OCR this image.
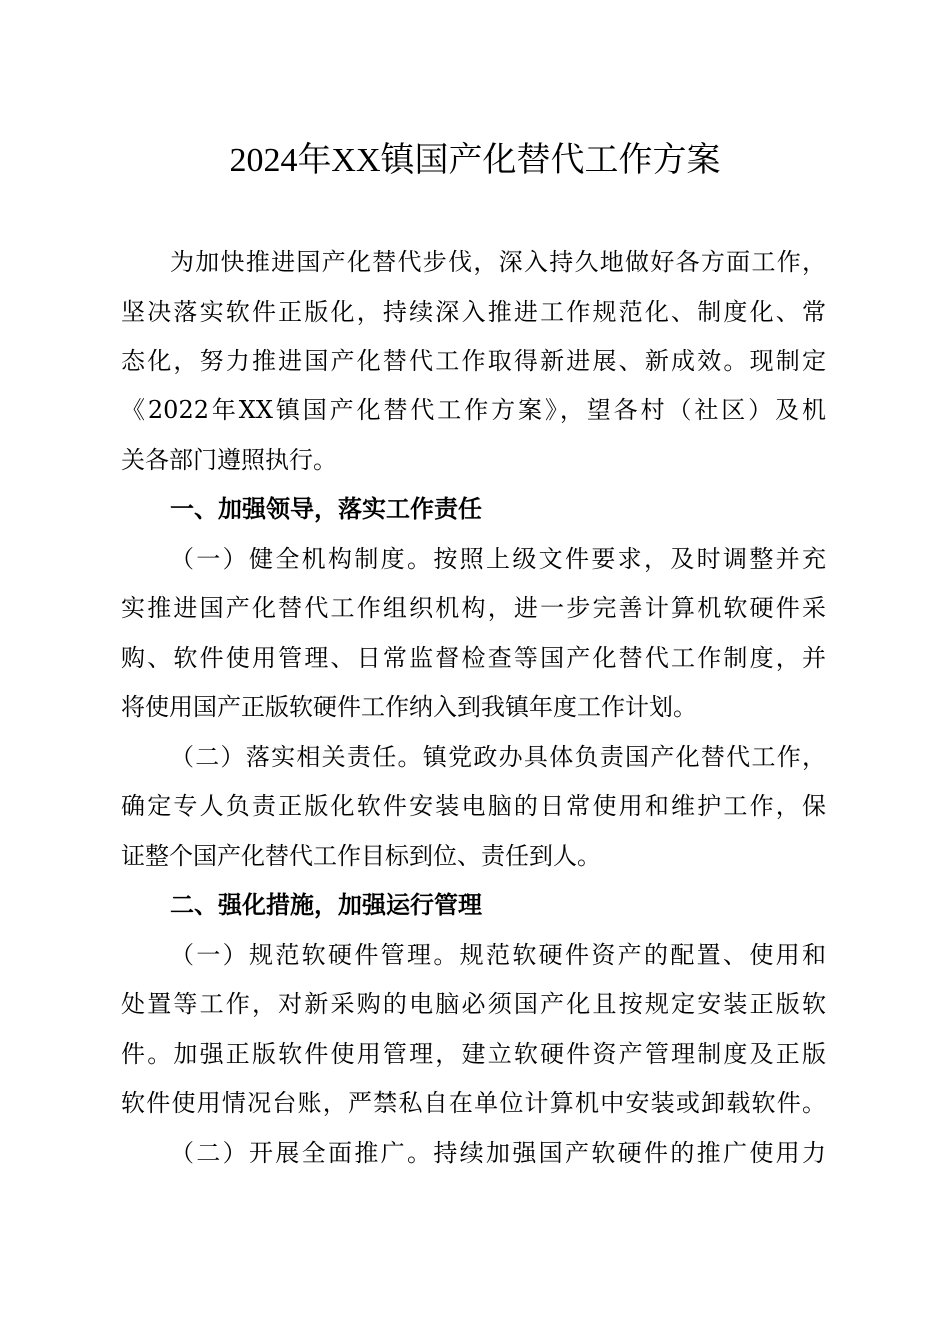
2024年XX镇国产化替代工作方案
为加快推进国产化替代步伐，深入持久地做好各方面工作，
坚决落实软件正版化，持续深入推进工作规范化、制度化、常
态化，努力推进国产化替代工作取得新进展、新成效。现制定
《2022年XX镇国产化替代工作方案》，望各村（社区）及机
关各部门遵照执行。
一、加强领导，落实工作责任
（一）健全机构制度。按照上级文件要求，及时调整并充
实推进国产化替代工作组织机构，进一步完善计算机软硬件采
购、软件使用管理、日常监督检查等国产化替代工作制度，并
将使用国产正版软硬件工作纳入到我镇年度工作计划。
（二）落实相关责任。镇党政办具体负责国产化替代工作，
确定专人负责正版化软件安装电脑的日常使用和维护工作，保
证整个国产化替代工作目标到位、责任到人。
二、强化措施，加强运行管理
（一）规范软硬件管理。规范软硬件资产的配置、使用和
处置等工作，对新采购的电脑必须国产化且按规定安装正版软
件。加强正版软件使用管理，建立软硬件资产管理制度及正版
软件使用情况台账，严禁私自在单位计算机中安装或卸载软件。
（二）开展全面推广。持续加强国产软硬件的推广使用力
